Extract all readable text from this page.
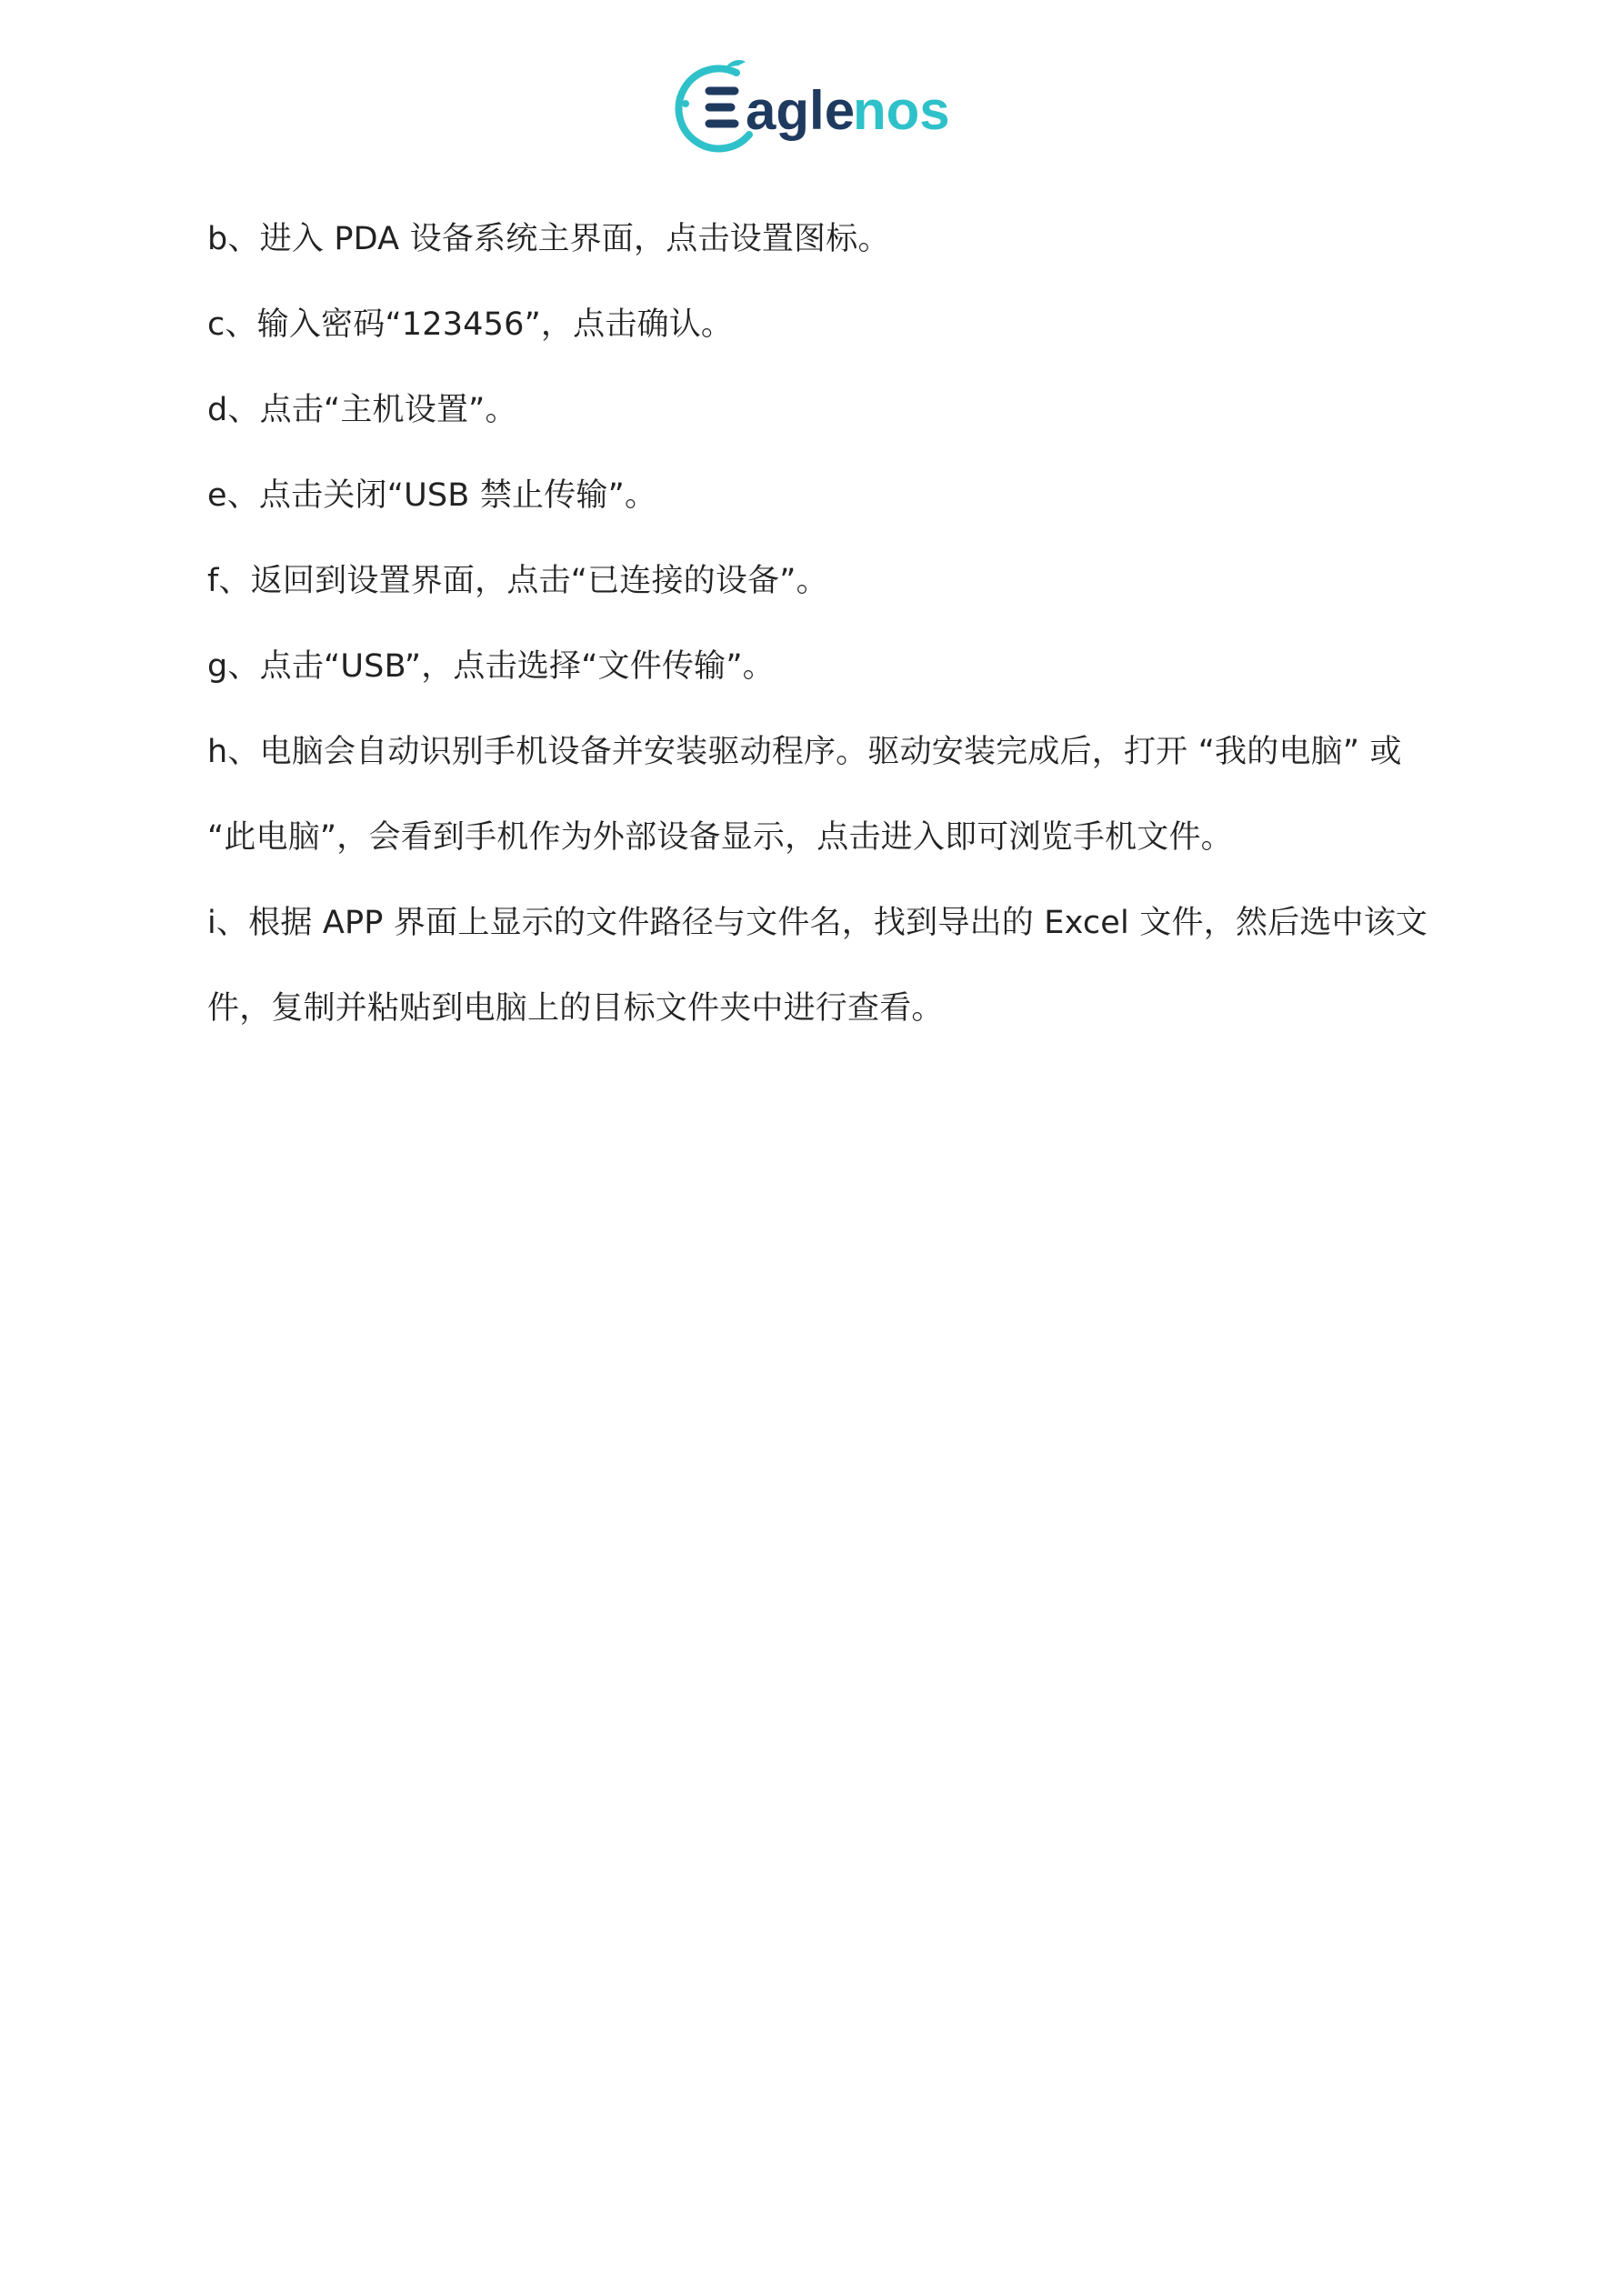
agle
nos

b、进入 PDA 设备系统主界面，点击设置图标。

c、输入密码“123456”，点击确认。

d、点击“主机设置”。

e、点击关闭“USB 禁止传输”。

f、返回到设置界面，点击“已连接的设备”。

g、点击“USB”，点击选择“文件传输”。

h、电脑会自动识别手机设备并安装驱动程序。驱动安装完成后，打开 “我的电脑” 或
“此电脑”，会看到手机作为外部设备显示，点击进入即可浏览手机文件。

i、根据 APP 界面上显示的文件路径与文件名，找到导出的 Excel 文件，然后选中该文
件，复制并粘贴到电脑上的目标文件夹中进行查看。
